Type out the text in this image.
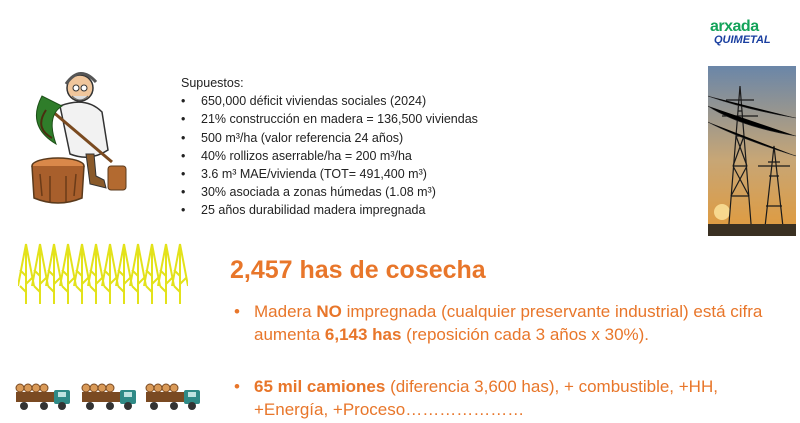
arxada
QUIMETAL
Supuestos:
• 650,000 déficit viviendas sociales (2024)
• 21% construcción en madera = 136,500 viviendas
• 500 m³/ha (valor referencia 24 años)
• 40% rollizos aserrable/ha = 200 m³/ha
• 3.6 m³ MAE/vivienda (TOT= 491,400 m³)
• 30% asociada a zonas húmedas (1.08 m³)
• 25 años durabilidad madera impregnada
2,457 has de cosecha
• Madera NO impregnada (cualquier preservante industrial) está cifra aumenta 6,143 has (reposición cada 3 años x 30%).
• 65 mil camiones (diferencia 3,600 has), + combustible, +HH, +Energía, +Proceso…………………
